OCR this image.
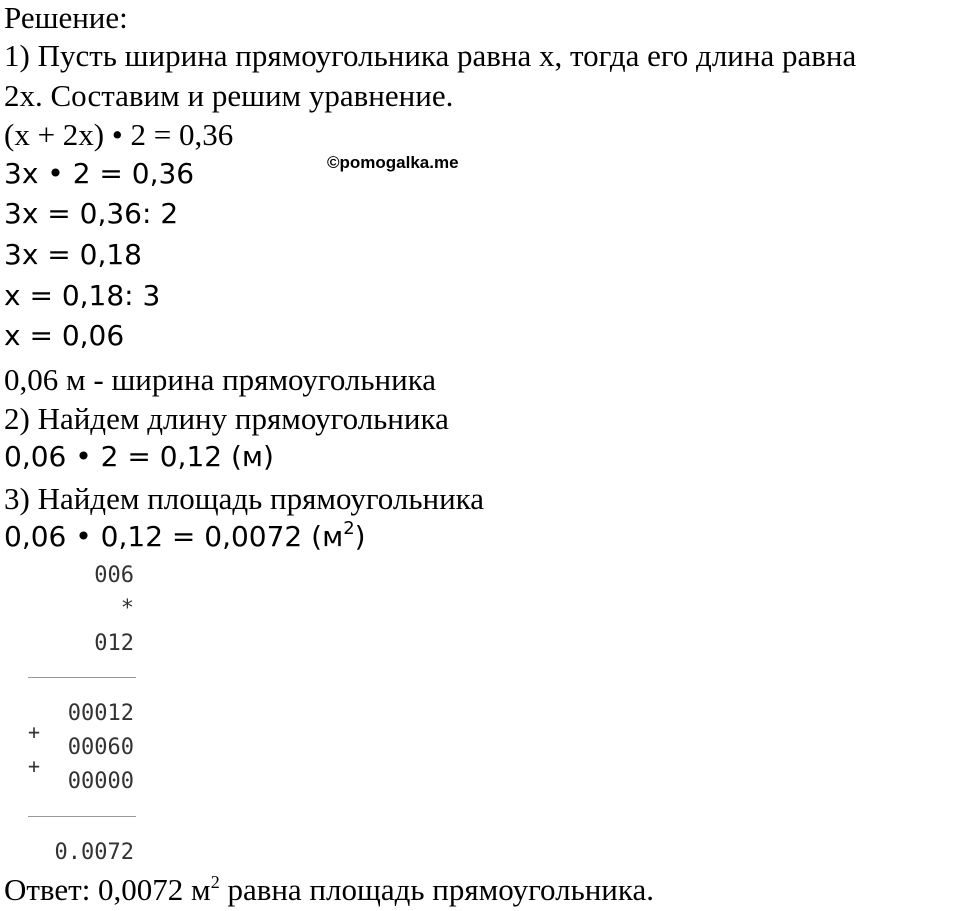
Решение:
1) Пусть ширина прямоугольника равна x, тогда его длина равна
2x. Составим и решим уравнение.
(x + 2x) • 2 = 0,36
©pomogalka.me
3x • 2 = 0,36
3x = 0,36: 2
3x = 0,18
x = 0,18: 3
x = 0,06
0,06 м - ширина прямоугольника
2) Найдем длину прямоугольника
0,06 • 2 = 0,12 (м)
3) Найдем площадь прямоугольника
0,06 • 0,12 = 0,0072 $(м^2)$
006
*
012
00012
+
00060
+
00000
0.0072
Ответ: 0,0072 $м^2$ равна площадь прямоугольника.
